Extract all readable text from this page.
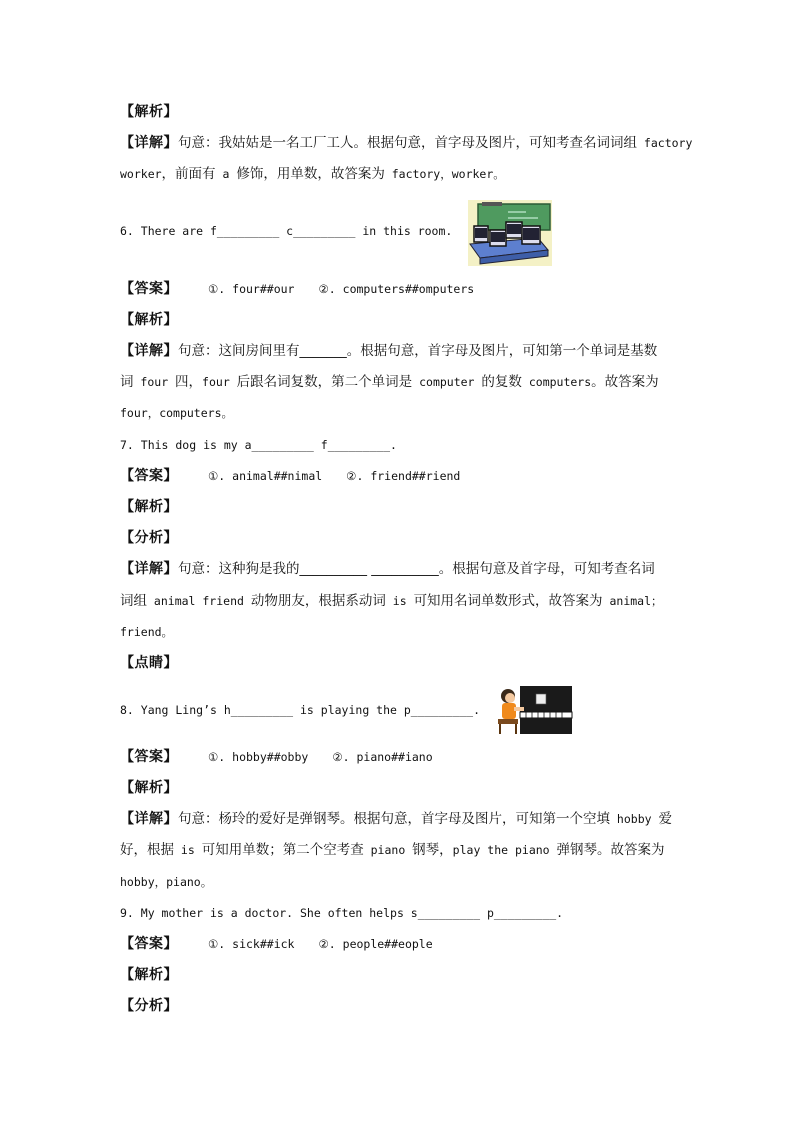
【解析】
【详解】句意：我姑姑是一名工厂工人。根据句意，首字母及图片，可知考查名词词组 factory
worker，前面有 a 修饰，用单数，故答案为 factory，worker。
6. There are f_________ c_________ in this room.
【答案】	①. four##our ②. computers##omputers
【解析】
【详解】句意：这间房间里有_______。根据句意，首字母及图片，可知第一个单词是基数
词 four 四，four 后跟名词复数，第二个单词是 computer 的复数 computers。故答案为
four，computers。
7. This dog is my a_________ f_________.
【答案】	①. animal##nimal ②. friend##riend
【解析】
【分析】
【详解】句意：这种狗是我的__________ __________。根据句意及首字母，可知考查名词
词组 animal friend 动物朋友，根据系动词 is 可知用名词单数形式，故答案为 animal；
friend。
【点睛】
8. Yang Ling’s h_________ is playing the p_________.
【答案】	①. hobby##obby ②. piano##iano
【解析】
【详解】句意：杨玲的爱好是弹钢琴。根据句意，首字母及图片，可知第一个空填 hobby 爱
好，根据 is 可知用单数；第二个空考查 piano 钢琴，play the piano 弹钢琴。故答案为
hobby，piano。
9. My mother is a doctor. She often helps s_________ p_________.
【答案】	①. sick##ick ②. people##eople
【解析】
【分析】
